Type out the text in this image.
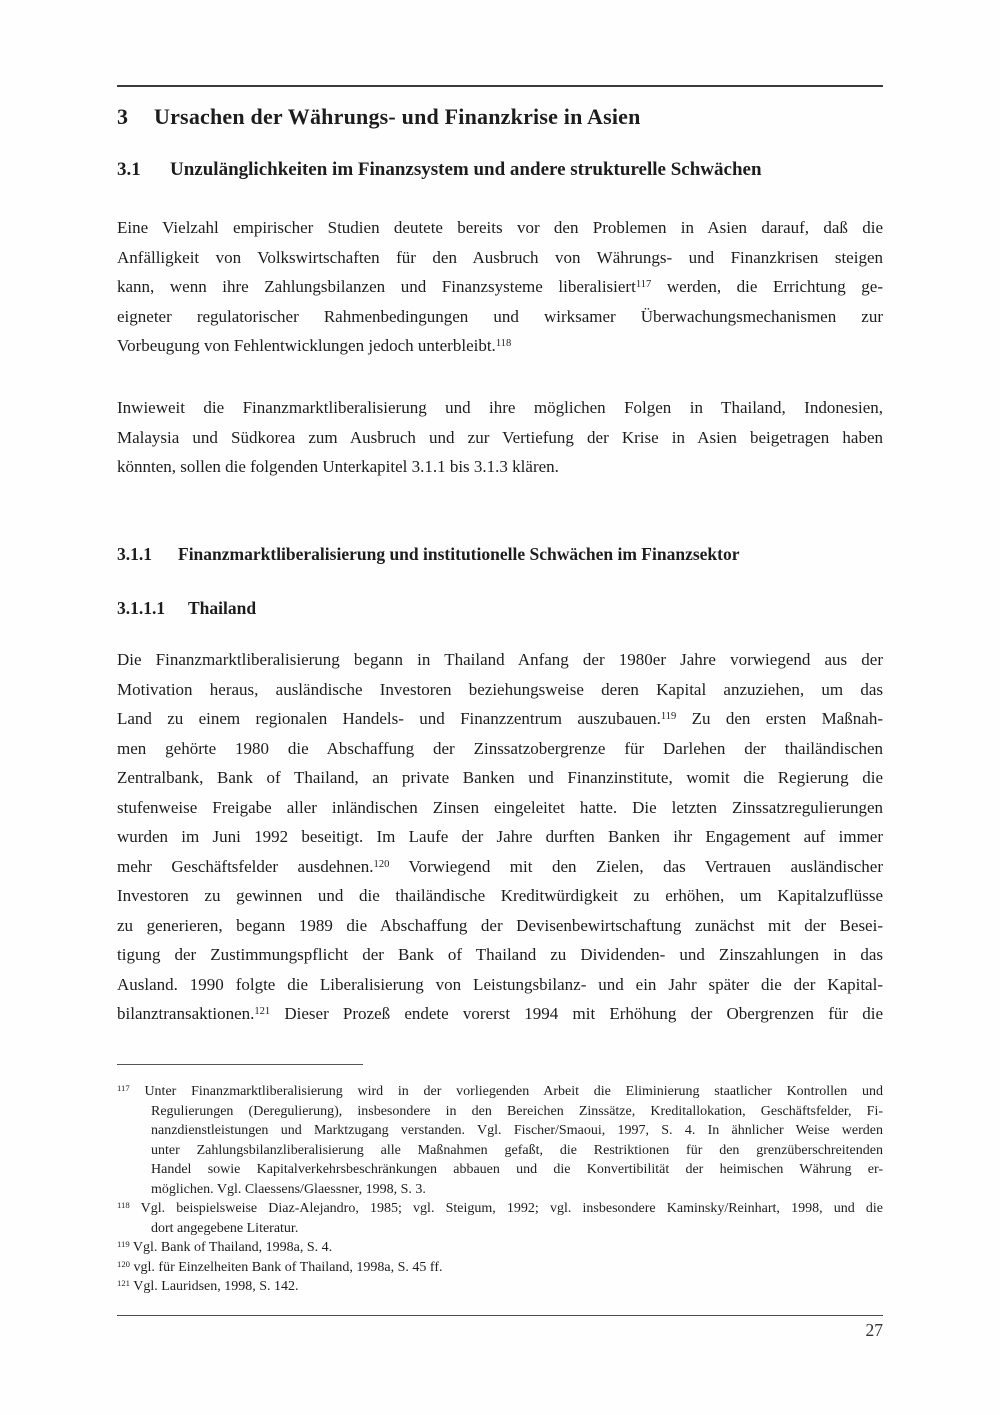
3	Ursachen der Währungs- und Finanzkrise in Asien
3.1	Unzulänglichkeiten im Finanzsystem und andere strukturelle Schwächen
Eine Vielzahl empirischer Studien deutete bereits vor den Problemen in Asien darauf, daß die
Anfälligkeit von Volkswirtschaften für den Ausbruch von Währungs- und Finanzkrisen steigen
kann, wenn ihre Zahlungsbilanzen und Finanzsysteme liberalisiert$^{117}$ werden, die Errichtung ge-
eigneter regulatorischer Rahmenbedingungen und wirksamer Überwachungsmechanismen zur
Vorbeugung von Fehlentwicklungen jedoch unterbleibt.$^{118}$
Inwieweit die Finanzmarktliberalisierung und ihre möglichen Folgen in Thailand, Indonesien,
Malaysia und Südkorea zum Ausbruch und zur Vertiefung der Krise in Asien beigetragen haben
könnten, sollen die folgenden Unterkapitel 3.1.1 bis 3.1.3 klären.
3.1.1	Finanzmarktliberalisierung und institutionelle Schwächen im Finanzsektor
3.1.1.1	Thailand
Die Finanzmarktliberalisierung begann in Thailand Anfang der 1980er Jahre vorwiegend aus der
Motivation heraus, ausländische Investoren beziehungsweise deren Kapital anzuziehen, um das
Land zu einem regionalen Handels- und Finanzzentrum auszubauen.$^{119}$ Zu den ersten Maßnah-
men gehörte 1980 die Abschaffung der Zinssatzobergrenze für Darlehen der thailändischen
Zentralbank, Bank of Thailand, an private Banken und Finanzinstitute, womit die Regierung die
stufenweise Freigabe aller inländischen Zinsen eingeleitet hatte. Die letzten Zinssatzregulierungen
wurden im Juni 1992 beseitigt. Im Laufe der Jahre durften Banken ihr Engagement auf immer
mehr Geschäftsfelder ausdehnen.$^{120}$ Vorwiegend mit den Zielen, das Vertrauen ausländischer
Investoren zu gewinnen und die thailändische Kreditwürdigkeit zu erhöhen, um Kapitalzuflüsse
zu generieren, begann 1989 die Abschaffung der Devisenbewirtschaftung zunächst mit der Besei-
tigung der Zustimmungspflicht der Bank of Thailand zu Dividenden- und Zinszahlungen in das
Ausland. 1990 folgte die Liberalisierung von Leistungsbilanz- und ein Jahr später die der Kapital-
bilanztransaktionen.$^{121}$ Dieser Prozeß endete vorerst 1994 mit Erhöhung der Obergrenzen für die
$^{117}$ Unter Finanzmarktliberalisierung wird in der vorliegenden Arbeit die Eliminierung staatlicher Kontrollen und
Regulierungen (Deregulierung), insbesondere in den Bereichen Zinssätze, Kreditallokation, Geschäftsfelder, Fi-
nanzdienstleistungen und Marktzugang verstanden. Vgl. Fischer/Smaoui, 1997, S. 4. In ähnlicher Weise werden
unter Zahlungsbilanzliberalisierung alle Maßnahmen gefaßt, die Restriktionen für den grenzüberschreitenden
Handel sowie Kapitalverkehrsbeschränkungen abbauen und die Konvertibilität der heimischen Währung er-
möglichen. Vgl. Claessens/Glaessner, 1998, S. 3.
$^{118}$ Vgl. beispielsweise Diaz-Alejandro, 1985; vgl. Steigum, 1992; vgl. insbesondere Kaminsky/Reinhart, 1998, und die
dort angegebene Literatur.
$^{119}$ Vgl. Bank of Thailand, 1998a, S. 4.
$^{120}$ vgl. für Einzelheiten Bank of Thailand, 1998a, S. 45 ff.
$^{121}$ Vgl. Lauridsen, 1998, S. 142.
27
